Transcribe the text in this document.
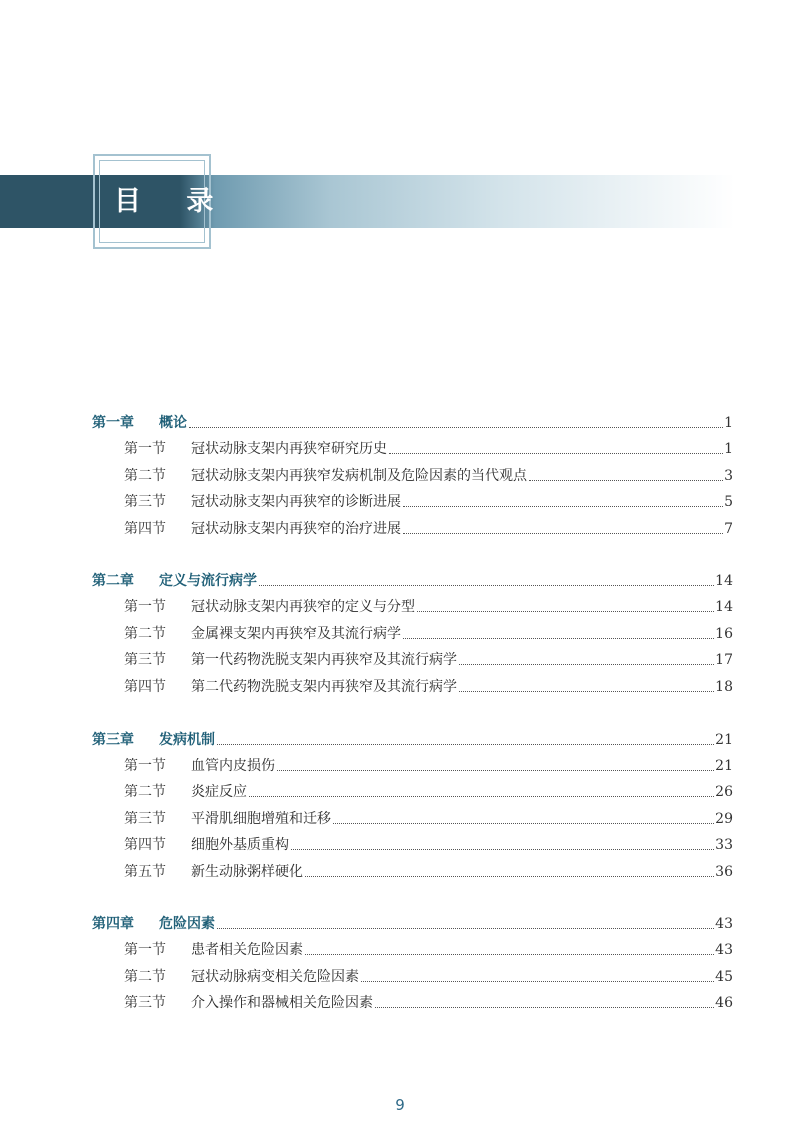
目 录
第一章 概论	1
第一节 冠状动脉支架内再狭窄研究历史	1
第二节 冠状动脉支架内再狭窄发病机制及危险因素的当代观点	3
第三节 冠状动脉支架内再狭窄的诊断进展	5
第四节 冠状动脉支架内再狭窄的治疗进展	7
第二章 定义与流行病学	14
第一节 冠状动脉支架内再狭窄的定义与分型	14
第二节 金属裸支架内再狭窄及其流行病学	16
第三节 第一代药物洗脱支架内再狭窄及其流行病学	17
第四节 第二代药物洗脱支架内再狭窄及其流行病学	18
第三章 发病机制	21
第一节 血管内皮损伤	21
第二节 炎症反应	26
第三节 平滑肌细胞增殖和迁移	29
第四节 细胞外基质重构	33
第五节 新生动脉粥样硬化	36
第四章 危险因素	43
第一节 患者相关危险因素	43
第二节 冠状动脉病变相关危险因素	45
第三节 介入操作和器械相关危险因素	46
9
